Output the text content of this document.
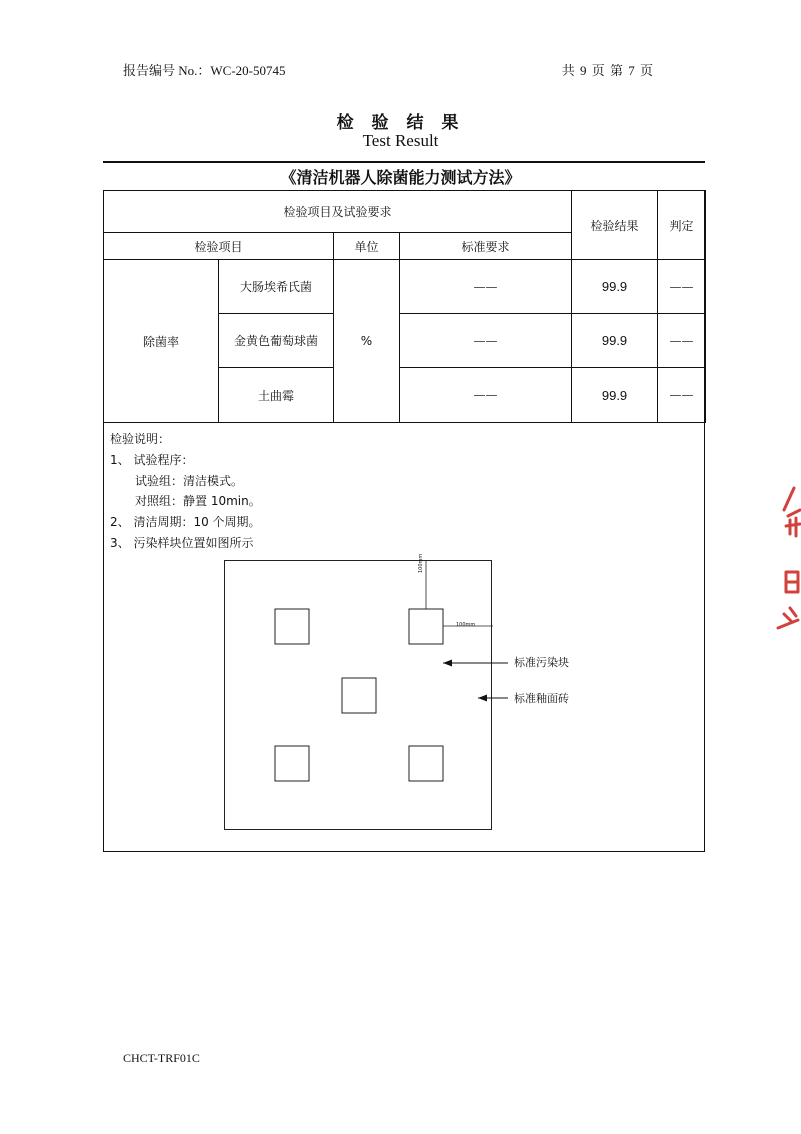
报告编号 No.：WC-20-50745	共 9 页 第 7 页
检 验 结 果
Test Result
《清洁机器人除菌能力测试方法》
检验项目及试验要求				检验结果	判定
检验项目		单位	标准要求		
除菌率	大肠埃希氏菌	%	——	99.9	——
	金黄色葡萄球菌		——	99.9	——
	土曲霉		——	99.9	——
检验说明：
1、 试验程序：
试验组：清洁模式。
对照组：静置 10min。
2、 清洁周期：10 个周期。
3、 污染样块位置如图所示
100mm
100mm
标准污染块
标准釉面砖
CHCT-TRF01C
